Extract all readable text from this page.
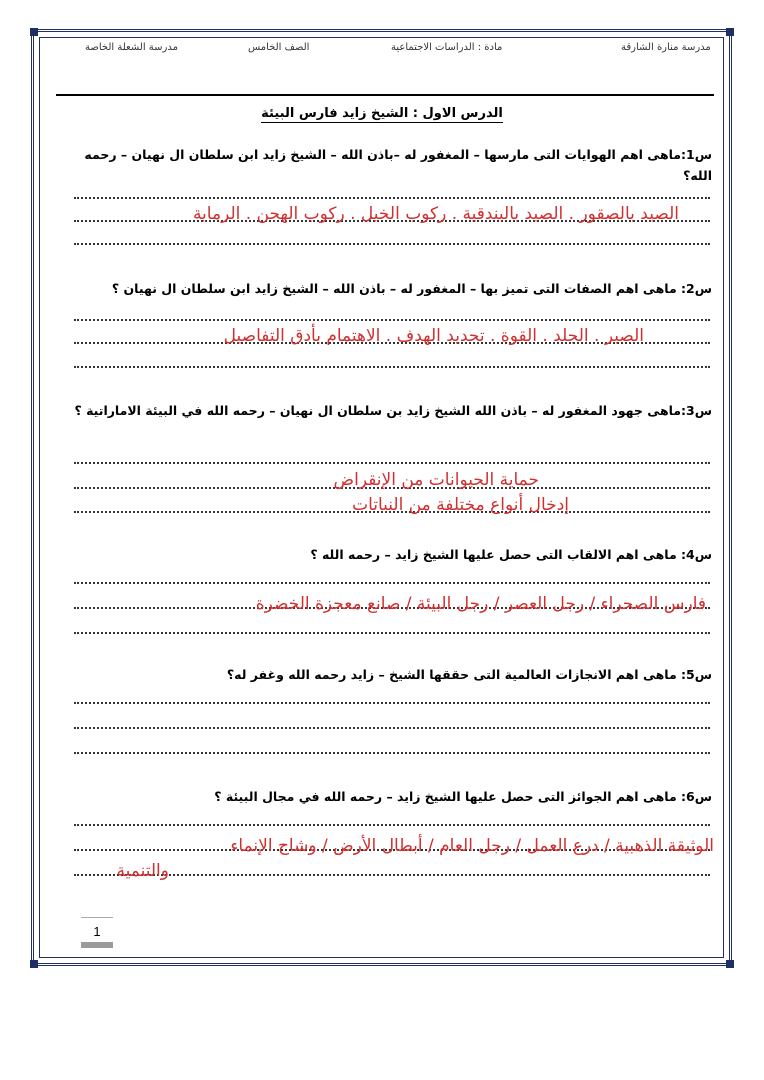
مدرسة الشعلة الخاصة	الصف الخامس	مادة : الدراسات الاجتماعية	مدرسة منارة الشارقة
الدرس الاول : الشيخ زايد فارس البيئة
س1:ماهى اهم الهوايات التى مارسها – المغفور له –باذن الله – الشيخ زايد ابن سلطان ال نهيان – رحمه الله؟
الصيد بالصقور . الصيد بالبندقية . ركوب الخيل . ركوب الهجن . الرماية
س2: ماهى اهم الصفات التى تميز بها – المغفور له – باذن الله – الشيخ زايد ابن سلطان ال نهيان ؟
الصبر . الجلد . القوة . تحديد الهدف . الاهتمام بأدق التفاصيل
س3:ماهى جهود المغفور له – باذن الله الشيخ زايد بن سلطان ال نهيان – رحمه الله في البيئة الاماراتية ؟
حماية الحيوانات من الإنقراض
إدخال أنواع مختلفة من النباتات
س4: ماهى اهم الالقاب التى حصل عليها الشيخ زايد – رحمه الله ؟
فارس الصحراء / رجل العصر / رجل البيئة / صانع معجزة الخضرة
س5: ماهى اهم الانجازات العالمية التى حققها الشيخ – زايد رحمه الله وغفر له؟
س6: ماهى اهم الجوائز التى حصل عليها الشيخ زايد – رحمه الله في مجال البيئة ؟
الوثيقة الذهبية / درع العمل / رجل العام / أبطال الأرض / وشاح الإنماء
والتنمية
1
